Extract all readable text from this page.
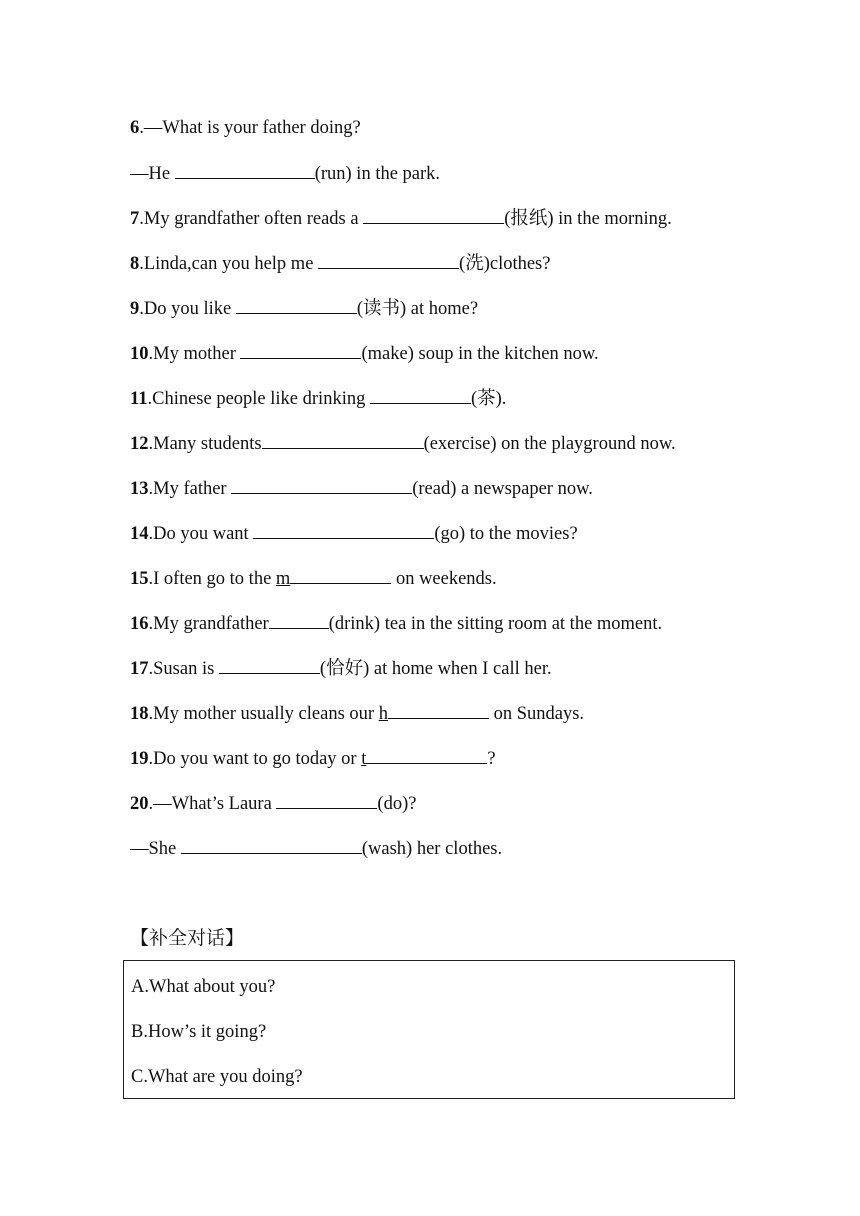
6.—What is your father doing?
—He	(run) in the park.
7.My grandfather often reads a	(报纸) in the morning.
8.Linda,can you help me	(洗)clothes?
9.Do you like	(读书) at home?
10.My mother	(make) soup in the kitchen now.
11.Chinese people like drinking	(茶).
12.Many students	(exercise) on the playground now.
13.My father	(read) a newspaper now.
14.Do you want	(go) to the movies?
15.I often go to the m	on weekends.
16.My grandfather	(drink) tea in the sitting room at the moment.
17.Susan is	(恰好) at home when I call her.
18.My mother usually cleans our h	on Sundays.
19.Do you want to go today or t	?
20.—What’s Laura	(do)?
—She	(wash) her clothes.
【补全对话】
A.What about you?
B.How’s it going?
C.What are you doing?
